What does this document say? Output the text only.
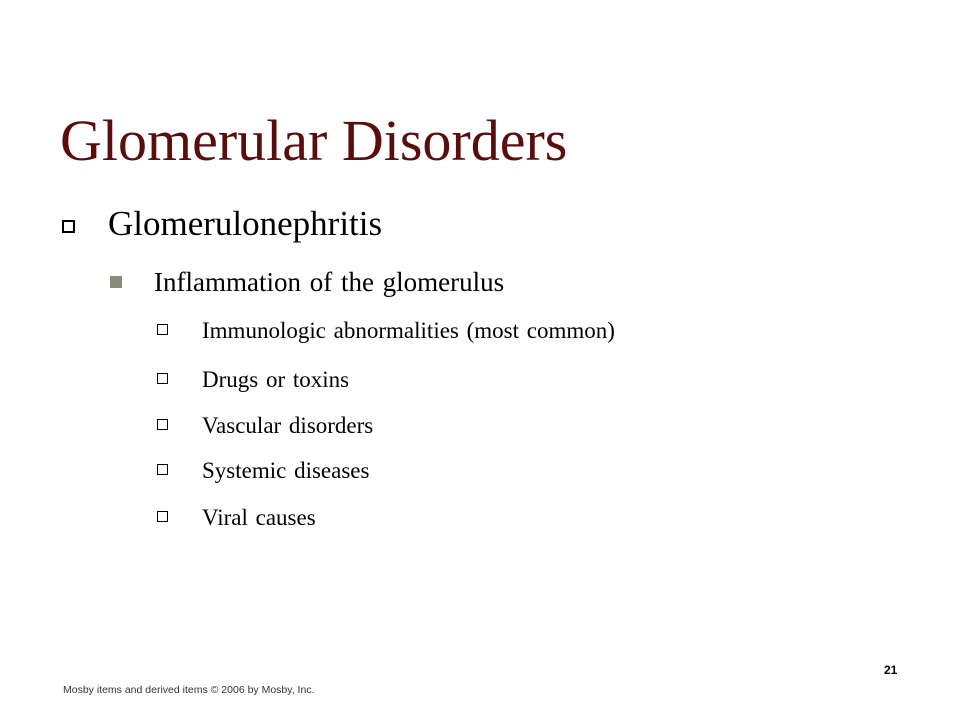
Glomerular Disorders
Glomerulonephritis
Inflammation of the glomerulus
Immunologic abnormalities (most common)
Drugs or toxins
Vascular disorders
Systemic diseases
Viral causes
21
Mosby items and derived items © 2006 by Mosby, Inc.
